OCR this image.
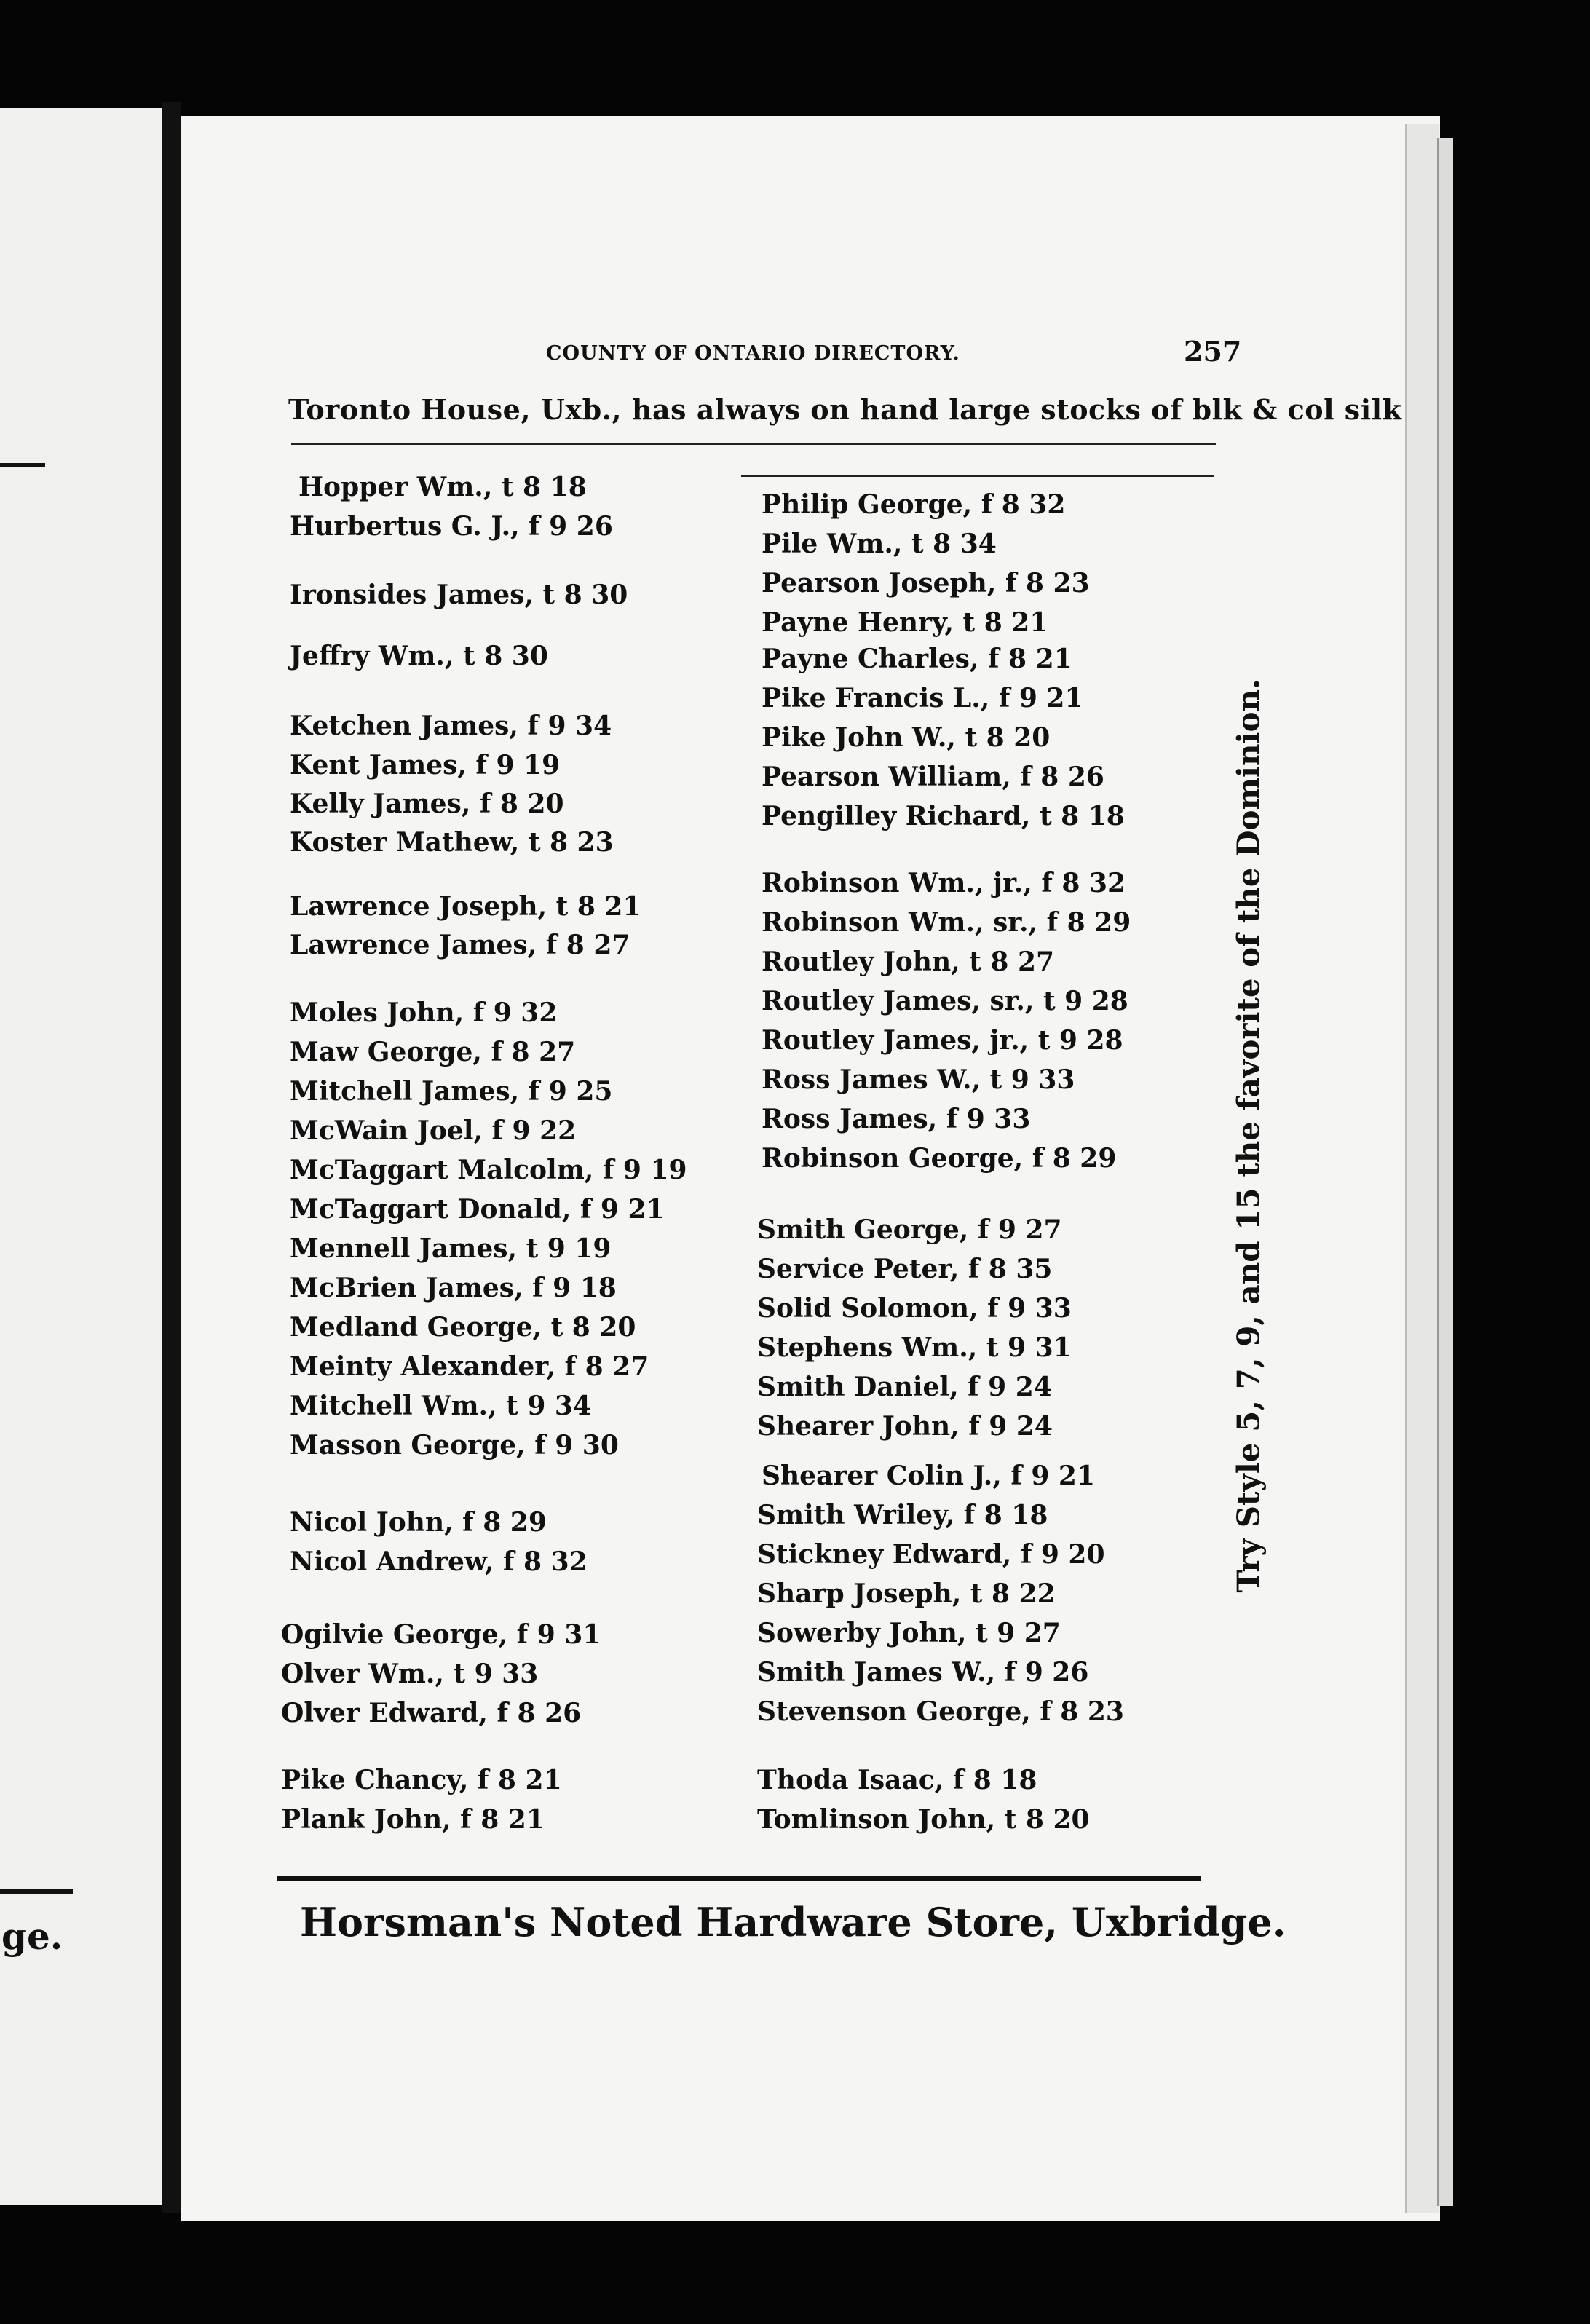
ge.
COUNTY OF ONTARIO DIRECTORY.	257
Toronto House, Uxb., has always on hand large stocks of blk & col silk
Hopper Wm., t 8 18
Hurbertus G. J., f 9 26
Ironsides James, t 8 30
Jeffry Wm., t 8 30
Ketchen James, f 9 34
Kent James, f 9 19
Kelly James, f 8 20
Koster Mathew, t 8 23
Lawrence Joseph, t 8 21
Lawrence James, f 8 27
Moles John, f 9 32
Maw George, f 8 27
Mitchell James, f 9 25
McWain Joel, f 9 22
McTaggart Malcolm, f 9 19
McTaggart Donald, f 9 21
Mennell James, t 9 19
McBrien James, f 9 18
Medland George, t 8 20
Meinty Alexander, f 8 27
Mitchell Wm., t 9 34
Masson George, f 9 30
Nicol John, f 8 29
Nicol Andrew, f 8 32
Ogilvie George, f 9 31
Olver Wm., t 9 33
Olver Edward, f 8 26
Pike Chancy, f 8 21
Plank John, f 8 21
Philip George, f 8 32
Pile Wm., t 8 34
Pearson Joseph, f 8 23
Payne Henry, t 8 21
Payne Charles, f 8 21
Pike Francis L., f 9 21
Pike John W., t 8 20
Pearson William, f 8 26
Pengilley Richard, t 8 18
Robinson Wm., jr., f 8 32
Robinson Wm., sr., f 8 29
Routley John, t 8 27
Routley James, sr., t 9 28
Routley James, jr., t 9 28
Ross James W., t 9 33
Ross James, f 9 33
Robinson George, f 8 29
Smith George, f 9 27
Service Peter, f 8 35
Solid Solomon, f 9 33
Stephens Wm., t 9 31
Smith Daniel, f 9 24
Shearer John, f 9 24
Shearer Colin J., f 9 21
Smith Wriley, f 8 18
Stickney Edward, f 9 20
Sharp Joseph, t 8 22
Sowerby John, t 9 27
Smith James W., f 9 26
Stevenson George, f 8 23
Thoda Isaac, f 8 18
Tomlinson John, t 8 20
Try Style 5, 7, 9, and 15 the favorite of the Dominion.
Horsman's Noted Hardware Store, Uxbridge.
